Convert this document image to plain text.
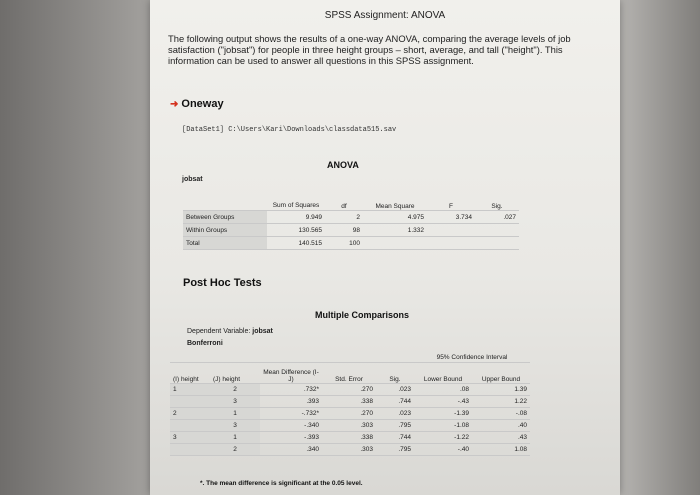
SPSS Assignment: ANOVA
The following output shows the results of a one-way ANOVA, comparing the average levels of job satisfaction ("jobsat") for people in three height groups – short, average, and tall ("height"). This information can be used to answer all questions in this SPSS assignment.
➜ Oneway
[DataSet1] C:\Users\Kari\Downloads\classdata515.sav
ANOVA
jobsat
	Sum of Squares	df	Mean Square	F	Sig.
Between Groups	9.949	2	4.975	3.734	.027
Within Groups	130.565	98	1.332		
Total	140.515	100			
Post Hoc Tests
Multiple Comparisons
Dependent Variable: jobsat
Bonferroni
					95% Confidence Interval	
(I) height	(J) height	Mean Difference (I-J)	Std. Error	Sig.	Lower Bound	Upper Bound
1	2	.732*	.270	.023	.08	1.39
	3	.393	.338	.744	-.43	1.22
2	1	-.732*	.270	.023	-1.39	-.08
	3	-.340	.303	.795	-1.08	.40
3	1	-.393	.338	.744	-1.22	.43
	2	.340	.303	.795	-.40	1.08
*. The mean difference is significant at the 0.05 level.
